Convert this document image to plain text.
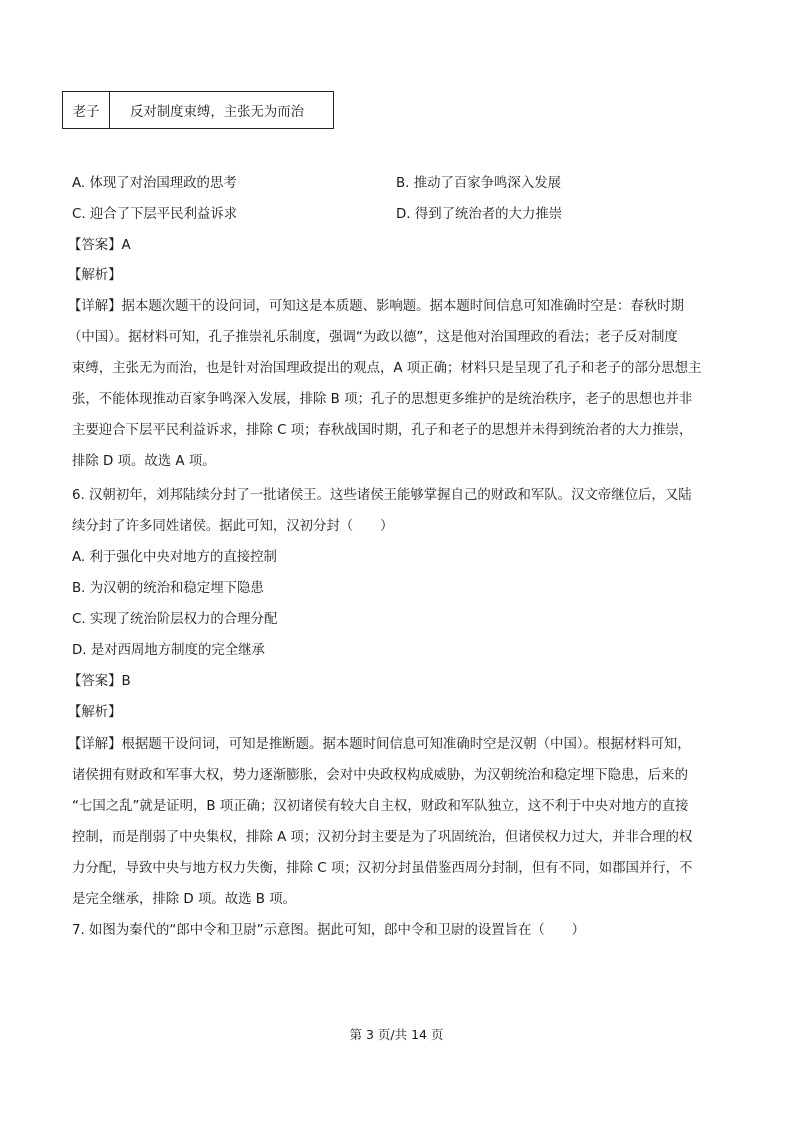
老子	反对制度束缚，主张无为而治
A. 体现了对治国理政的思考	B. 推动了百家争鸣深入发展
C. 迎合了下层平民利益诉求	D. 得到了统治者的大力推崇
【答案】A
【解析】
【详解】据本题次题干的设问词，可知这是本质题、影响题。据本题时间信息可知准确时空是：春秋时期
（中国）。据材料可知，孔子推崇礼乐制度，强调“为政以德”，这是他对治国理政的看法；老子反对制度
束缚，主张无为而治，也是针对治国理政提出的观点，A 项正确；材料只是呈现了孔子和老子的部分思想主
张，不能体现推动百家争鸣深入发展，排除 B 项；孔子的思想更多维护的是统治秩序，老子的思想也并非
主要迎合下层平民利益诉求，排除 C 项；春秋战国时期，孔子和老子的思想并未得到统治者的大力推崇，
排除 D 项。故选 A 项。
6. 汉朝初年，刘邦陆续分封了一批诸侯王。这些诸侯王能够掌握自己的财政和军队。汉文帝继位后，又陆
续分封了许多同姓诸侯。据此可知，汉初分封（　　）
A. 利于强化中央对地方的直接控制
B. 为汉朝的统治和稳定埋下隐患
C. 实现了统治阶层权力的合理分配
D. 是对西周地方制度的完全继承
【答案】B
【解析】
【详解】根据题干设问词，可知是推断题。据本题时间信息可知准确时空是汉朝（中国）。根据材料可知，
诸侯拥有财政和军事大权，势力逐渐膨胀，会对中央政权构成威胁，为汉朝统治和稳定埋下隐患，后来的
“七国之乱”就是证明，B 项正确；汉初诸侯有较大自主权，财政和军队独立，这不利于中央对地方的直接
控制，而是削弱了中央集权，排除 A 项；汉初分封主要是为了巩固统治，但诸侯权力过大，并非合理的权
力分配，导致中央与地方权力失衡，排除 C 项；汉初分封虽借鉴西周分封制，但有不同，如郡国并行，不
是完全继承，排除 D 项。故选 B 项。
7. 如图为秦代的“郎中令和卫尉”示意图。据此可知，郎中令和卫尉的设置旨在（　　）
第 3 页/共 14 页
